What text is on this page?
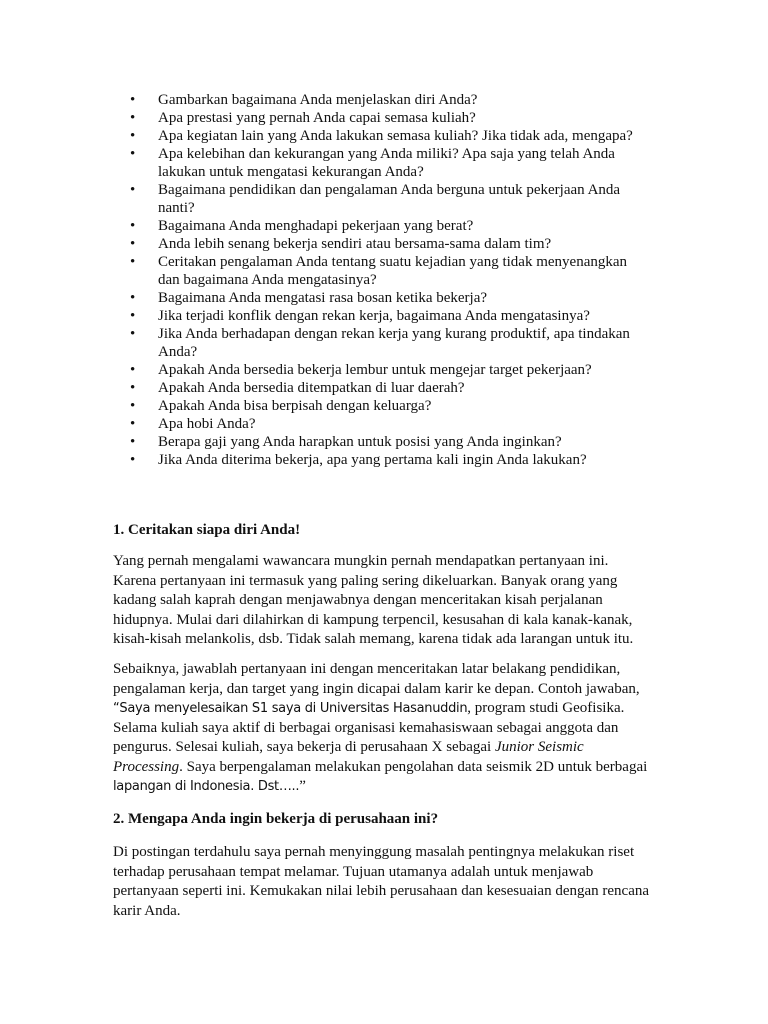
• Gambarkan bagaimana Anda menjelaskan diri Anda?
• Apa prestasi yang pernah Anda capai semasa kuliah?
• Apa kegiatan lain yang Anda lakukan semasa kuliah? Jika tidak ada, mengapa?
• Apa kelebihan dan kekurangan yang Anda miliki? Apa saja yang telah Anda
lakukan untuk mengatasi kekurangan Anda?
• Bagaimana pendidikan dan pengalaman Anda berguna untuk pekerjaan Anda
nanti?
• Bagaimana Anda menghadapi pekerjaan yang berat?
• Anda lebih senang bekerja sendiri atau bersama-sama dalam tim?
• Ceritakan pengalaman Anda tentang suatu kejadian yang tidak menyenangkan
dan bagaimana Anda mengatasinya?
• Bagaimana Anda mengatasi rasa bosan ketika bekerja?
• Jika terjadi konflik dengan rekan kerja, bagaimana Anda mengatasinya?
• Jika Anda berhadapan dengan rekan kerja yang kurang produktif, apa tindakan
Anda?
• Apakah Anda bersedia bekerja lembur untuk mengejar target pekerjaan?
• Apakah Anda bersedia ditempatkan di luar daerah?
• Apakah Anda bisa berpisah dengan keluarga?
• Apa hobi Anda?
• Berapa gaji yang Anda harapkan untuk posisi yang Anda inginkan?
• Jika Anda diterima bekerja, apa yang pertama kali ingin Anda lakukan?

1. Ceritakan siapa diri Anda!

Yang pernah mengalami wawancara mungkin pernah mendapatkan pertanyaan ini.
Karena pertanyaan ini termasuk yang paling sering dikeluarkan. Banyak orang yang
kadang salah kaprah dengan menjawabnya dengan menceritakan kisah perjalanan
hidupnya. Mulai dari dilahirkan di kampung terpencil, kesusahan di kala kanak-kanak,
kisah-kisah melankolis, dsb. Tidak salah memang, karena tidak ada larangan untuk itu.

Sebaiknya, jawablah pertanyaan ini dengan menceritakan latar belakang pendidikan,
pengalaman kerja, dan target yang ingin dicapai dalam karir ke depan. Contoh jawaban,
“Saya menyelesaikan S1 saya di Universitas Hasanuddin, program studi Geofisika.
Selama kuliah saya aktif di berbagai organisasi kemahasiswaan sebagai anggota dan
pengurus. Selesai kuliah, saya bekerja di perusahaan X sebagai Junior Seismic
Processing. Saya berpengalaman melakukan pengolahan data seismik 2D untuk berbagai
lapangan di Indonesia. Dst…..”

2. Mengapa Anda ingin bekerja di perusahaan ini?

Di postingan terdahulu saya pernah menyinggung masalah pentingnya melakukan riset
terhadap perusahaan tempat melamar. Tujuan utamanya adalah untuk menjawab
pertanyaan seperti ini. Kemukakan nilai lebih perusahaan dan kesesuaian dengan rencana
karir Anda.
